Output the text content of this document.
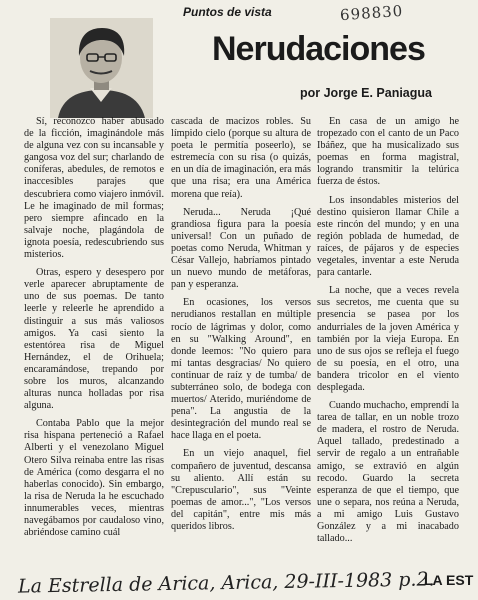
Puntos de vista	698830
Nerudaciones
por Jorge E. Paniagua

Sí, reconozco haber abusado de la ficción, imaginándole más de alguna vez con su incansable y gangosa voz del sur; charlando de coníferas, abedules, de remotos e inaccesibles parajes que descubriera como viajero inmóvil. Le he imaginado de mil formas; pero siempre afincado en la salvaje noche, plagándola de ignota poesía, redescubriendo sus misterios.

Otras, espero y desespero por verle aparecer abruptamente de uno de sus poemas. De tanto leerle y releerle he aprendido a distinguir a sus más valiosos amigos. Ya casi siento la estentórea risa de Miguel Hernández, el de Orihuela; encaramándose, trepando por sobre los muros, alcanzando alturas nunca holladas por risa alguna.

Contaba Pablo que la mejor risa hispana perteneció a Rafael Alberti y el venezolano Miguel Otero Silva reinaba entre las risas de América (como desgarra el no haberlas conocido). Sin embargo, la risa de Neruda la he escuchado innumerables veces, mientras navegábamos por caudaloso vino, abriéndose camino cuál

cascada de macizos robles. Su límpido cielo (porque su altura de poeta le permitía poseerlo), se estremecía con su risa (o quizás, en un día de imaginación, era más que una risa; era una América morena que reía).

Neruda... Neruda ¡Qué grandiosa figura para la poesía universal! Con un puñado de poetas como Neruda, Whitman y César Vallejo, habríamos pintado un nuevo mundo de metáforas, pan y esperanza.

En ocasiones, los versos nerudianos restallan en múltiple rocío de lágrimas y dolor, como en su "Walking Around", en donde leemos: "No quiero para mí tantas desgracias/ No quiero continuar de raíz y de tumba/ de subterráneo solo, de bodega con muertos/ Aterido, muriéndome de pena". La angustia de la desintegración del mundo real se hace llaga en el poeta.

En un viejo anaquel, fiel compañero de juventud, descansa su aliento. Allí están su "Crepusculario", sus "Veinte poemas de amor...", "Los versos del capitán", entre mis más queridos libros.

En casa de un amigo he tropezado con el canto de un Paco Ibáñez, que ha musicalizado sus poemas en forma magistral, logrando transmitir la telúrica fuerza de éstos.

Los insondables misterios del destino quisieron llamar Chile a este rincón del mundo; y en una región poblada de humedad, de raíces, de pájaros y de especies vegetales, inventar a este Neruda para cantarle.

La noche, que a veces revela sus secretos, me cuenta que su presencia se pasea por los andurriales de la joven América y también por la vieja Europa. En uno de sus ojos se refleja el fuego de su poesía, en el otro, una bandera tricolor en el viento desplegada.

Cuando muchacho, emprendí la tarea de tallar, en un noble trozo de madera, el rostro de Neruda. Aquel tallado, predestinado a servir de regalo a un entrañable amigo, se extravió en algún recodo. Guardo la secreta esperanza de que el tiempo, que une o separa, nos reúna a Neruda, a mi amigo Luis Gustavo González y a mi inacabado tallado...

La Estrella de Arica, Arica, 29-III-1983 p.2.
LA EST
